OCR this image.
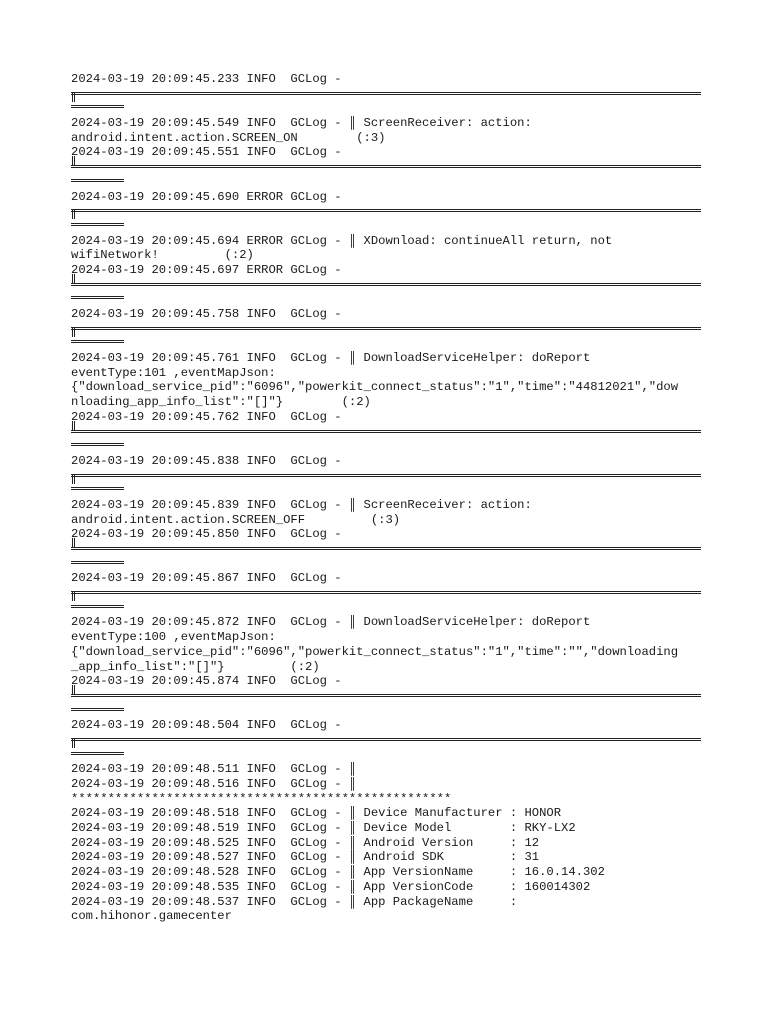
2024-03-19 20:09:45.233 INFO  GCLog -
2024-03-19 20:09:45.549 INFO  GCLog - ║ ScreenReceiver: action:
android.intent.action.SCREEN_ON        (:3)
2024-03-19 20:09:45.551 INFO  GCLog -
2024-03-19 20:09:45.690 ERROR GCLog -
2024-03-19 20:09:45.694 ERROR GCLog - ║ XDownload: continueAll return, not
wifiNetwork!         (:2)
2024-03-19 20:09:45.697 ERROR GCLog -
2024-03-19 20:09:45.758 INFO  GCLog -
2024-03-19 20:09:45.761 INFO  GCLog - ║ DownloadServiceHelper: doReport
eventType:101 ,eventMapJson:
{"download_service_pid":"6096","powerkit_connect_status":"1","time":"44812021","dow
nloading_app_info_list":"[]"}        (:2)
2024-03-19 20:09:45.762 INFO  GCLog -
2024-03-19 20:09:45.838 INFO  GCLog -
2024-03-19 20:09:45.839 INFO  GCLog - ║ ScreenReceiver: action:
android.intent.action.SCREEN_OFF         (:3)
2024-03-19 20:09:45.850 INFO  GCLog -
2024-03-19 20:09:45.867 INFO  GCLog -
2024-03-19 20:09:45.872 INFO  GCLog - ║ DownloadServiceHelper: doReport
eventType:100 ,eventMapJson:
{"download_service_pid":"6096","powerkit_connect_status":"1","time":"","downloading
_app_info_list":"[]"}         (:2)
2024-03-19 20:09:45.874 INFO  GCLog -
2024-03-19 20:09:48.504 INFO  GCLog -
2024-03-19 20:09:48.511 INFO  GCLog - ║
2024-03-19 20:09:48.516 INFO  GCLog - ║
****************************************************
2024-03-19 20:09:48.518 INFO  GCLog - ║ Device Manufacturer : HONOR
2024-03-19 20:09:48.519 INFO  GCLog - ║ Device Model        : RKY-LX2
2024-03-19 20:09:48.525 INFO  GCLog - ║ Android Version     : 12
2024-03-19 20:09:48.527 INFO  GCLog - ║ Android SDK         : 31
2024-03-19 20:09:48.528 INFO  GCLog - ║ App VersionName     : 16.0.14.302
2024-03-19 20:09:48.535 INFO  GCLog - ║ App VersionCode     : 160014302
2024-03-19 20:09:48.537 INFO  GCLog - ║ App PackageName     :
com.hihonor.gamecenter
